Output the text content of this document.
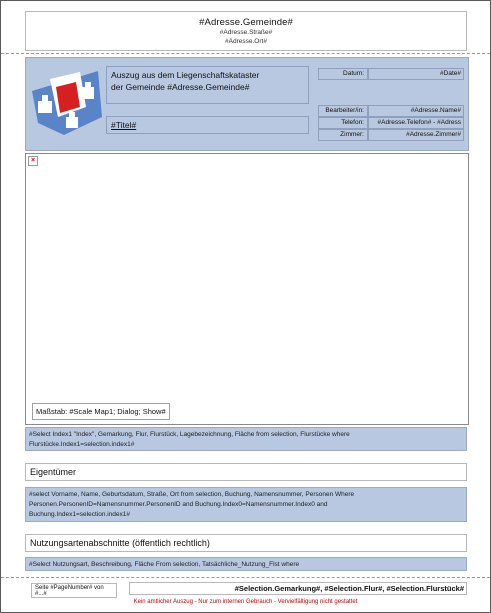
#Adresse.Gemeinde#
#Adresse.Straße#
#Adresse.Ort#
Auszug aus dem Liegenschaftskataster
der Gemeinde #Adresse.Gemeinde#
#Titel#
Datum:	#Date#
Bearbeiter/in:	#Adresse.Name#
Telefon:	#Adresse.Telefon# - #Adress
Zimmer:	#Adresse.Zimmer#
×
Maßstab: #Scale Map1; Dialog; Show#
#Select Index1 "Index", Gemarkung, Flur, Flurstück, Lagebezeichnung, Fläche from selection, Flurstücke where
Flurstücke.Index1=selection.index1#
Eigentümer
#select Vorname, Name, Geburtsdatum, Straße, Ort from selection, Buchung, Namensnummer, Personen Where
Personen.PersonenID=Namensnummer.PersonenID and Buchung.Index0=Namensnummer.Index0 and
Buchung.Index1=selection.index1#
Nutzungsartenabschnitte (öffentlich rechtlich)
#Select Nutzungsart, Beschreibung, Fläche From selection, Tatsächliche_Nutzung_Flst where
Seite #PageNumber# von
#...#
#Selection.Gemarkung#, #Selection.Flur#, #Selection.Flurstück#
Kein amtlicher Auszug - Nur zum internen Gebrauch - Vervielfältigung nicht gestattet
